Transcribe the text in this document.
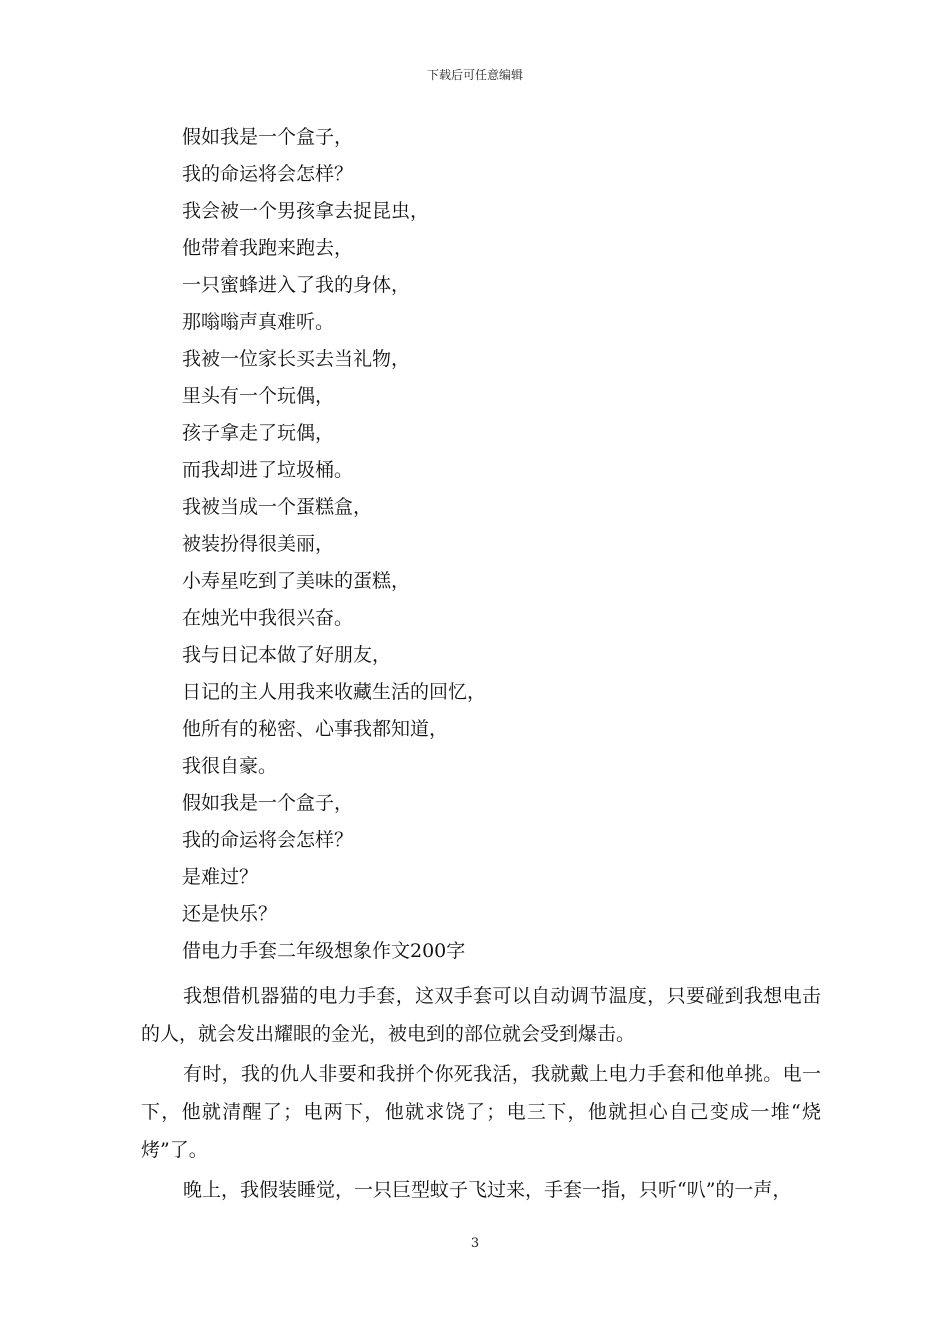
下载后可任意编辑
假如我是一个盒子，
我的命运将会怎样？
我会被一个男孩拿去捉昆虫，
他带着我跑来跑去，
一只蜜蜂进入了我的身体，
那嗡嗡声真难听。
我被一位家长买去当礼物，
里头有一个玩偶，
孩子拿走了玩偶，
而我却进了垃圾桶。
我被当成一个蛋糕盒，
被装扮得很美丽，
小寿星吃到了美味的蛋糕，
在烛光中我很兴奋。
我与日记本做了好朋友，
日记的主人用我来收藏生活的回忆，
他所有的秘密、心事我都知道，
我很自豪。
假如我是一个盒子，
我的命运将会怎样？
是难过？
还是快乐？
借电力手套二年级想象作文200字
我想借机器猫的电力手套，这双手套可以自动调节温度，只要碰到我想电击的人，就会发出耀眼的金光，被电到的部位就会受到爆击。
有时，我的仇人非要和我拼个你死我活，我就戴上电力手套和他单挑。电一下，他就清醒了；电两下，他就求饶了；电三下，他就担心自己变成一堆“烧烤”了。
晚上，我假装睡觉，一只巨型蚊子飞过来，手套一指，只听“叭”的一声，
3
